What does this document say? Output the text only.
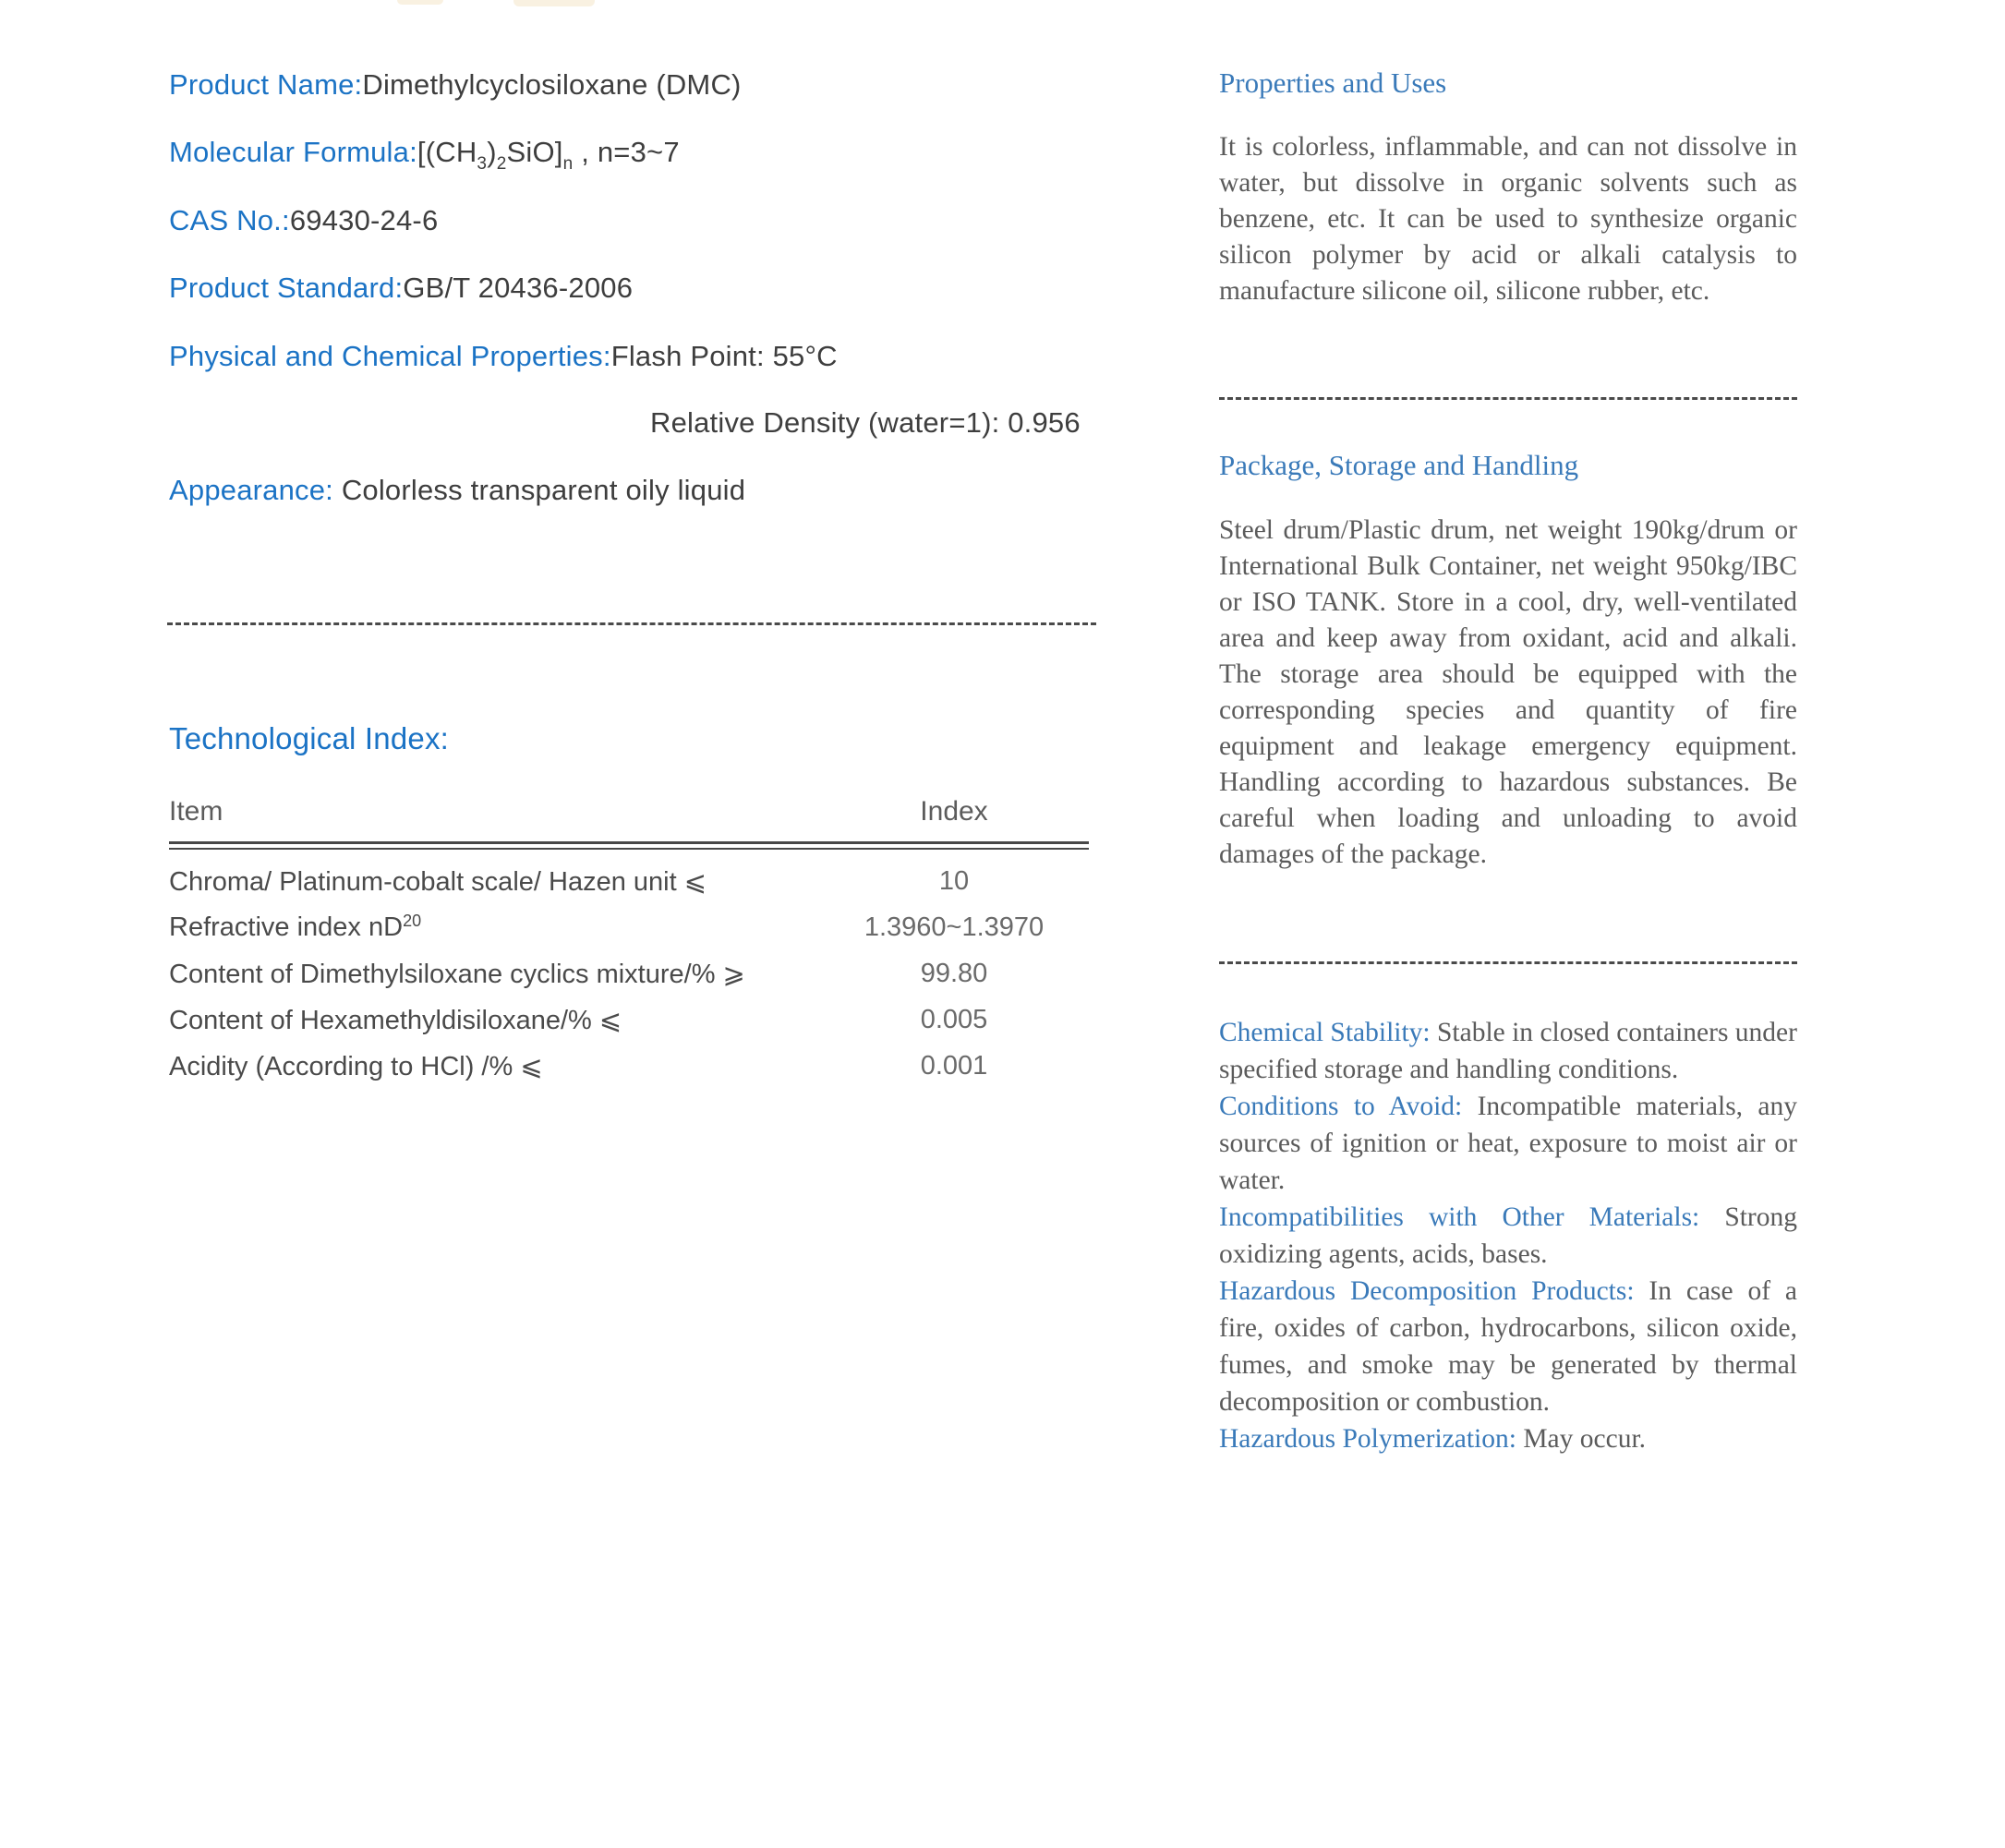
Product Name:Dimethylcyclosiloxane (DMC)
Molecular $Formula:[(CH_3)_2SiO]_n$ , n=3~7
CAS No.:69430-24-6
Product Standard:GB/T 20436-2006
Physical and Chemical Properties:Flash Point: 55°C
Relative Density (water=1): 0.956
Appearance: Colorless transparent oily liquid
Technological Index:
Item	Index
Chroma/ Platinum-cobalt scale/ Hazen unit ⩽	10
Refractive index $nD^{20}$	1.3960~1.3970
Content of Dimethylsiloxane cyclics mixture/% ⩾	99.80
Content of Hexamethyldisiloxane/% ⩽	0.005
Acidity (According to HCl) /% ⩽	0.001
Properties and Uses

It is colorless, inflammable, and can not dissolve in water, but dissolve in organic solvents such as benzene, etc. It can be used to synthesize organic silicon polymer by acid or alkali catalysis to manufacture silicone oil, silicone rubber, etc.

Package, Storage and Handling

Steel drum/Plastic drum, net weight 190kg/drum or International Bulk Container, net weight 950kg/IBC or ISO TANK. Store in a cool, dry, well-ventilated area and keep away from oxidant, acid and alkali. The storage area should be equipped with the corresponding species and quantity of fire equipment and leakage emergency equipment. Handling according to hazardous substances. Be careful when loading and unloading to avoid damages of the package.

Chemical Stability: Stable in closed containers under specified storage and handling conditions.

Conditions to Avoid: Incompatible materials, any sources of ignition or heat, exposure to moist air or water.

Incompatibilities with Other Materials: Strong oxidizing agents, acids, bases.

Hazardous Decomposition Products: In case of a fire, oxides of carbon, hydrocarbons, silicon oxide, fumes, and smoke may be generated by thermal decomposition or combustion.

Hazardous Polymerization: May occur.
